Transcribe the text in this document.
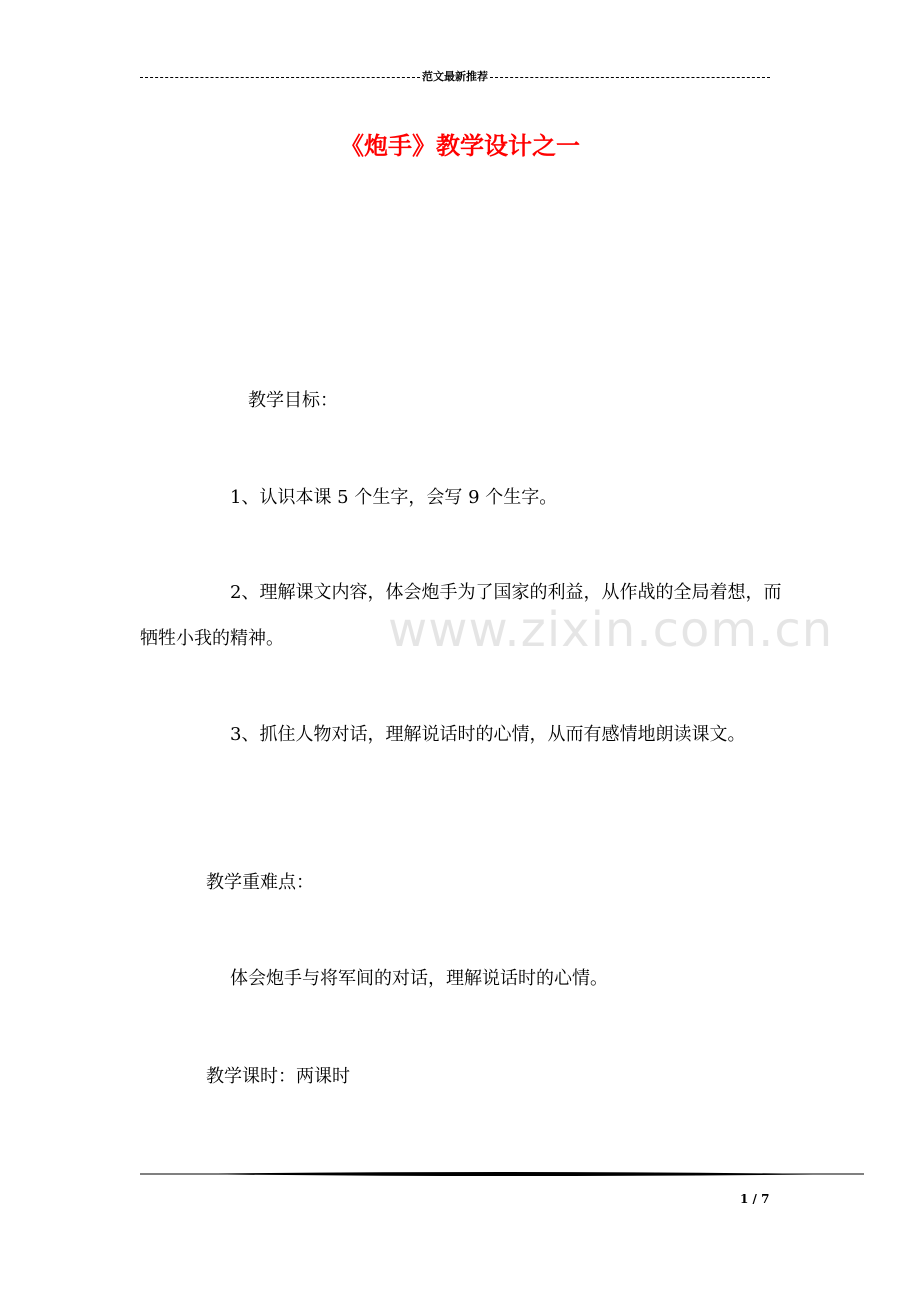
范文最新推荐
《炮手》教学设计之一
www.zixin.com.cn

教学目标：

1、认识本课 5 个生字，会写 9 个生字。

2、理解课文内容，体会炮手为了国家的利益，从作战的全局着想，而牺牲小我的精神。

3、抓住人物对话，理解说话时的心情，从而有感情地朗读课文。

教学重难点：

体会炮手与将军间的对话，理解说话时的心情。

教学课时：两课时

1 / 7
